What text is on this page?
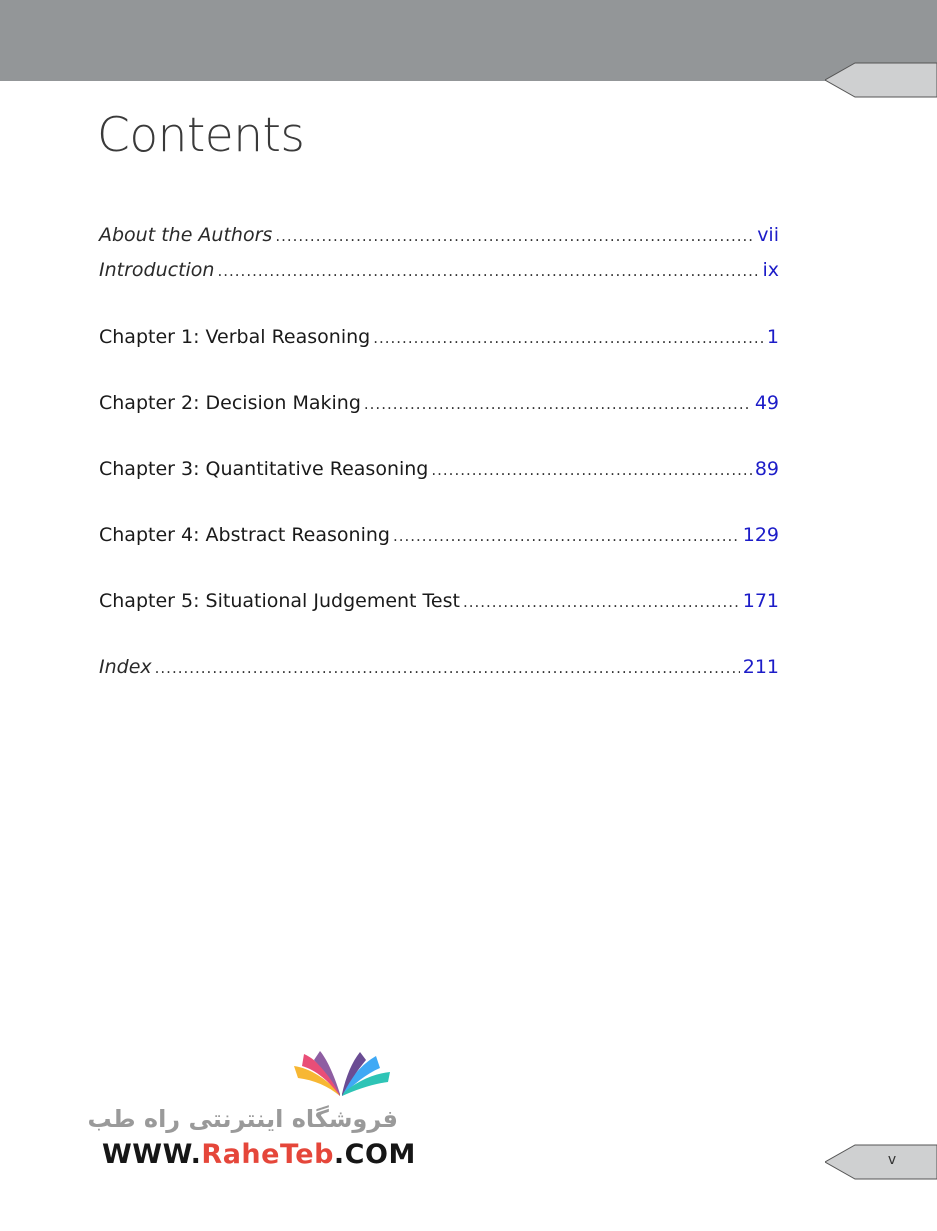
Contents
About the Authors .....	vii
Introduction .....	ix
Chapter 1: Verbal Reasoning .....	1
Chapter 2: Decision Making .....	49
Chapter 3: Quantitative Reasoning .....	89
Chapter 4: Abstract Reasoning .....	129
Chapter 5: Situational Judgement Test .....	171
Index .....	211
فروشگاه اینترنتی راه طب
WWW.RaheTeb.COM	v
